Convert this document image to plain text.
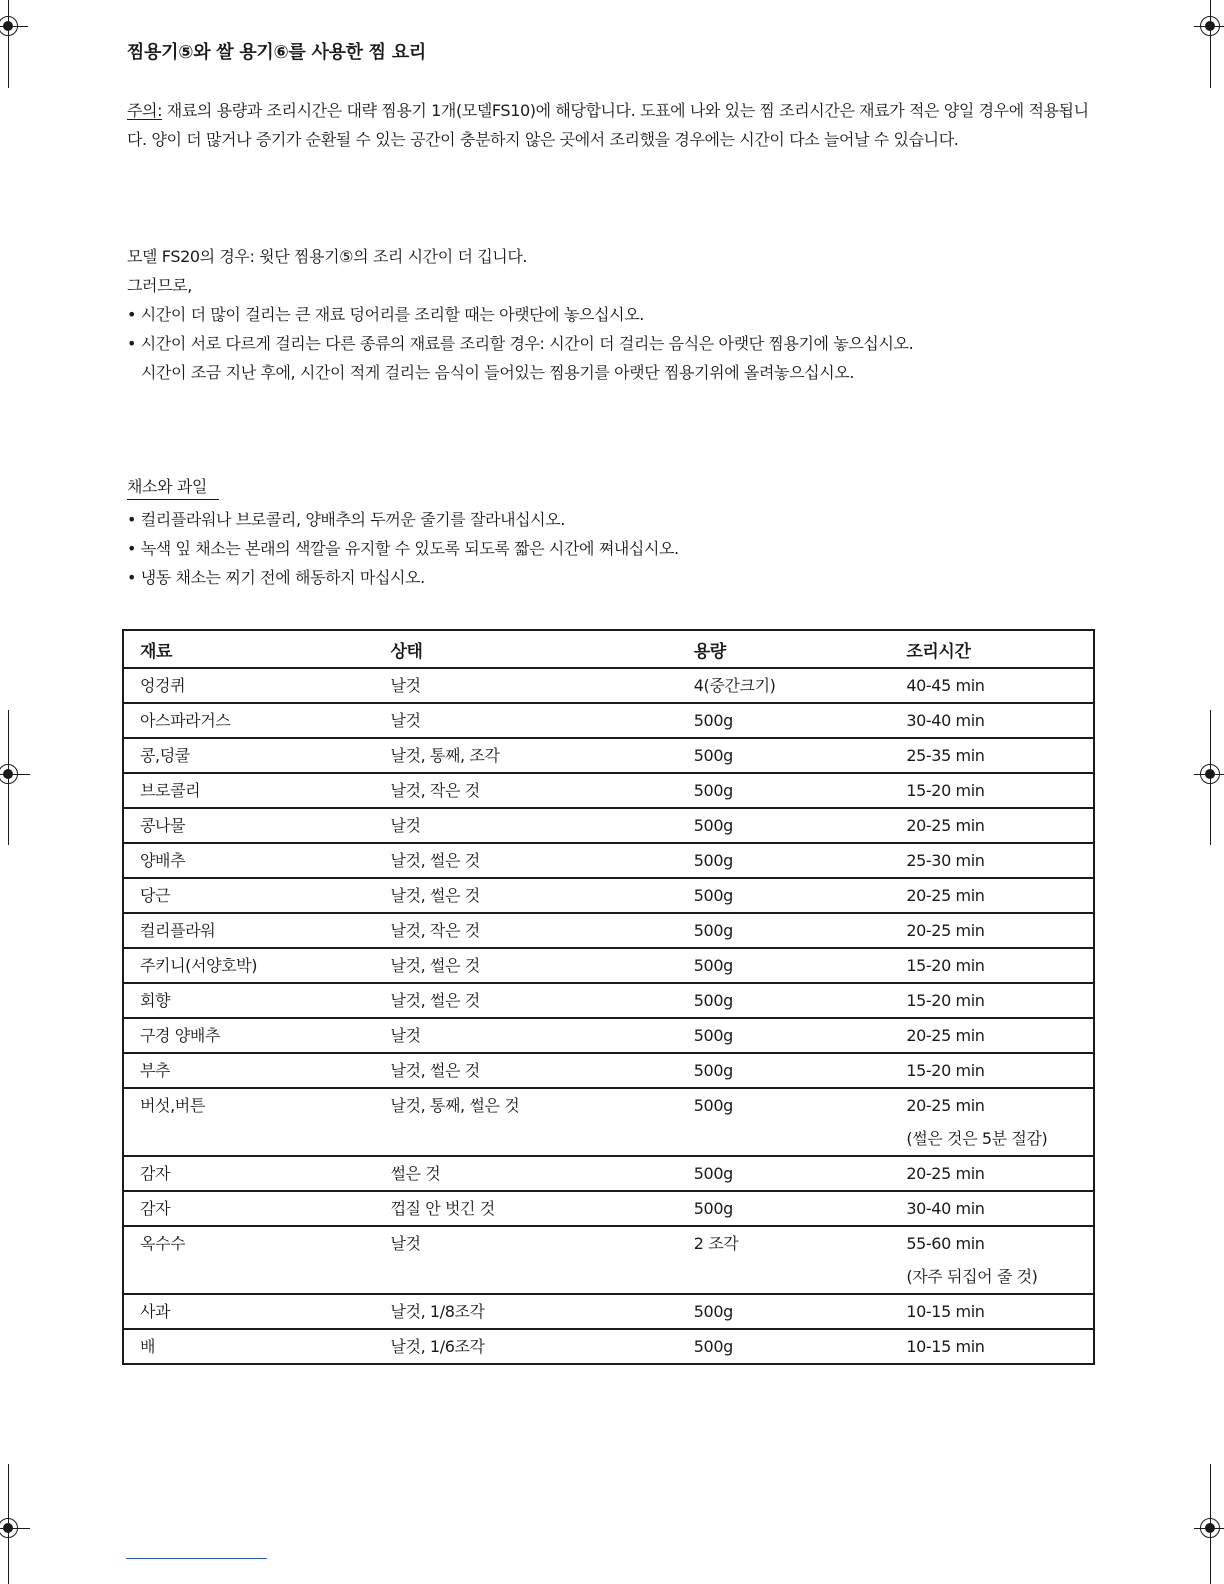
찜용기⑤와 쌀 용기⑥를 사용한 찜 요리
주의: 재료의 용량과 조리시간은 대략 찜용기 1개(모델FS10)에 해당합니다. 도표에 나와 있는 찜 조리시간은 재료가 적은 양일 경우에 적용됩니다. 양이 더 많거나 증기가 순환될 수 있는 공간이 충분하지 않은 곳에서 조리했을 경우에는 시간이 다소 늘어날 수 있습니다.
모델 FS20의 경우: 윗단 찜용기⑤의 조리 시간이 더 깁니다.
그러므로,
• 시간이 더 많이 걸리는 큰 재료 덩어리를 조리할 때는 아랫단에 놓으십시오.
• 시간이 서로 다르게 걸리는 다른 종류의 재료를 조리할 경우: 시간이 더 걸리는 음식은 아랫단 찜용기에 놓으십시오.
시간이 조금 지난 후에, 시간이 적게 걸리는 음식이 들어있는 찜용기를 아랫단 찜용기위에 올려놓으십시오.
채소와 과일
• 컬리플라워나 브로콜리, 양배추의 두꺼운 줄기를 잘라내십시오.
• 녹색 잎 채소는 본래의 색깔을 유지할 수 있도록 되도록 짧은 시간에 쪄내십시오.
• 냉동 채소는 찌기 전에 해동하지 마십시오.
재료	상태	용량	조리시간
엉겅퀴	날것	4(중간크기)	40-45 min
아스파라거스	날것	500g	30-40 min
콩,덩쿨	날것, 통째, 조각	500g	25-35 min
브로콜리	날것, 작은 것	500g	15-20 min
콩나물	날것	500g	20-25 min
양배추	날것, 썰은 것	500g	25-30 min
당근	날것, 썰은 것	500g	20-25 min
컬리플라워	날것, 작은 것	500g	20-25 min
주키니(서양호박)	날것, 썰은 것	500g	15-20 min
회향	날것, 썰은 것	500g	15-20 min
구경 양배추	날것	500g	20-25 min
부추	날것, 썰은 것	500g	15-20 min
버섯,버튼	날것, 통째, 썰은 것	500g	20-25 min
(썰은 것은 5분 절감)

감자	썰은 것	500g	20-25 min
감자	껍질 안 벗긴 것	500g	30-40 min
옥수수	날것	2 조각	55-60 min
(자주 뒤집어 줄 것)

사과	날것, 1/8조각	500g	10-15 min
배	날것, 1/6조각	500g	10-15 min
